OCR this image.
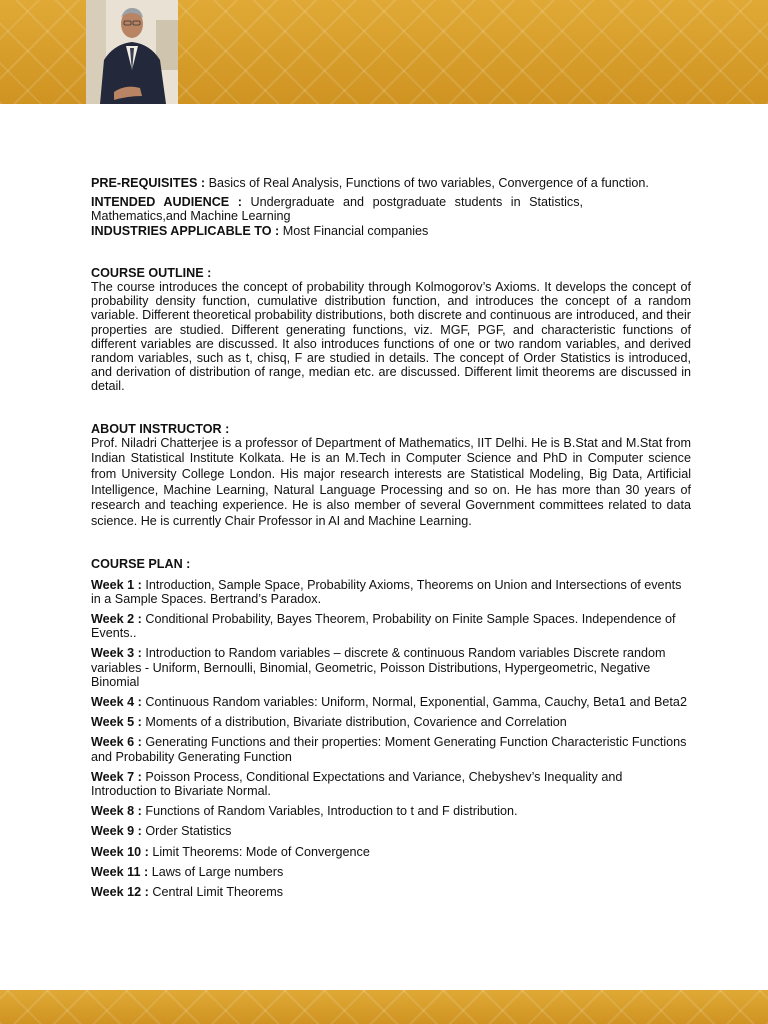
PRE-REQUISITES : Basics of Real Analysis, Functions of two variables, Convergence of a function.

INTENDED AUDIENCE : Undergraduate and postgraduate students in Statistics, Mathematics,and Machine Learning

INDUSTRIES APPLICABLE TO : Most Financial companies

COURSE OUTLINE :

The course introduces the concept of probability through Kolmogorov’s Axioms. It develops the concept of probability density function, cumulative distribution function, and introduces the concept of a random variable. Different theoretical probability distributions, both discrete and continuous are introduced, and their properties are studied. Different generating functions, viz. MGF, PGF, and characteristic functions of different variables are discussed. It also introduces functions of one or two random variables, and derived random variables, such as t, chisq, F are studied in details. The concept of Order Statistics is introduced, and derivation of distribution of range, median etc. are discussed. Different limit theorems are discussed in detail.

ABOUT INSTRUCTOR :

Prof. Niladri Chatterjee is a professor of Department of Mathematics, IIT Delhi. He is B.Stat and M.Stat from Indian Statistical Institute Kolkata. He is an M.Tech in Computer Science and PhD in Computer science from University College London. His major research interests are Statistical Modeling, Big Data, Artificial Intelligence, Machine Learning, Natural Language Processing and so on. He has more than 30 years of research and teaching experience. He is also member of several Government committees related to data science. He is currently Chair Professor in AI and Machine Learning.

COURSE PLAN :

Week 1 : Introduction, Sample Space, Probability Axioms, Theorems on Union and Intersections of events in a Sample Spaces. Bertrand’s Paradox.

Week 2 : Conditional Probability, Bayes Theorem, Probability on Finite Sample Spaces. Independence of Events..

Week 3 : Introduction to Random variables – discrete & continuous Random variables Discrete random variables - Uniform, Bernoulli, Binomial, Geometric, Poisson Distributions, Hypergeometric, Negative Binomial

Week 4 : Continuous Random variables: Uniform, Normal, Exponential, Gamma, Cauchy, Beta1 and Beta2

Week 5 : Moments of a distribution, Bivariate distribution, Covarience and Correlation

Week 6 : Generating Functions and their properties: Moment Generating Function Characteristic Functions and Probability Generating Function

Week 7 : Poisson Process, Conditional Expectations and Variance, Chebyshev’s Inequality and Introduction to Bivariate Normal.

Week 8 : Functions of Random Variables, Introduction to t and F distribution.

Week 9 : Order Statistics

Week 10 : Limit Theorems: Mode of Convergence

Week 11 : Laws of Large numbers

Week 12 : Central Limit Theorems
